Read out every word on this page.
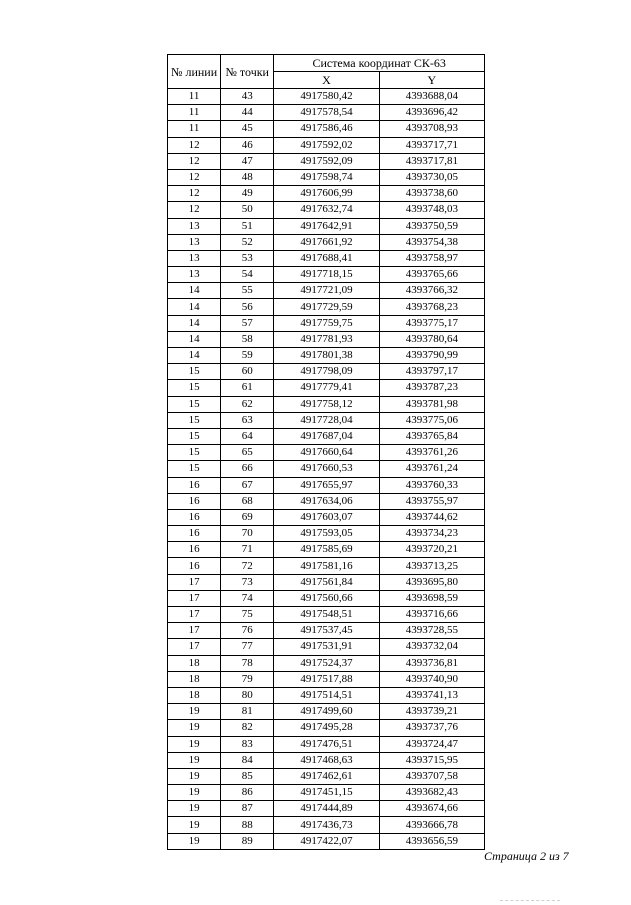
№ линии	№ точки	Система координат СК-63	
		X	Y
11	43	4917580,42	4393688,04
11	44	4917578,54	4393696,42
11	45	4917586,46	4393708,93
12	46	4917592,02	4393717,71
12	47	4917592,09	4393717,81
12	48	4917598,74	4393730,05
12	49	4917606,99	4393738,60
12	50	4917632,74	4393748,03
13	51	4917642,91	4393750,59
13	52	4917661,92	4393754,38
13	53	4917688,41	4393758,97
13	54	4917718,15	4393765,66
14	55	4917721,09	4393766,32
14	56	4917729,59	4393768,23
14	57	4917759,75	4393775,17
14	58	4917781,93	4393780,64
14	59	4917801,38	4393790,99
15	60	4917798,09	4393797,17
15	61	4917779,41	4393787,23
15	62	4917758,12	4393781,98
15	63	4917728,04	4393775,06
15	64	4917687,04	4393765,84
15	65	4917660,64	4393761,26
15	66	4917660,53	4393761,24
16	67	4917655,97	4393760,33
16	68	4917634,06	4393755,97
16	69	4917603,07	4393744,62
16	70	4917593,05	4393734,23
16	71	4917585,69	4393720,21
16	72	4917581,16	4393713,25
17	73	4917561,84	4393695,80
17	74	4917560,66	4393698,59
17	75	4917548,51	4393716,66
17	76	4917537,45	4393728,55
17	77	4917531,91	4393732,04
18	78	4917524,37	4393736,81
18	79	4917517,88	4393740,90
18	80	4917514,51	4393741,13
19	81	4917499,60	4393739,21
19	82	4917495,28	4393737,76
19	83	4917476,51	4393724,47
19	84	4917468,63	4393715,95
19	85	4917462,61	4393707,58
19	86	4917451,15	4393682,43
19	87	4917444,89	4393674,66
19	88	4917436,73	4393666,78
19	89	4917422,07	4393656,59
Страница 2 из 7
